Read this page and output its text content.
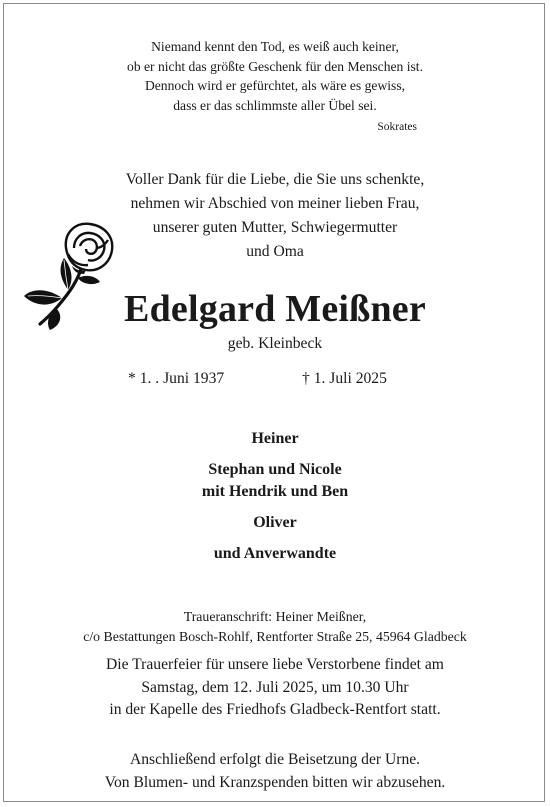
Niemand kennt den Tod, es weiß auch keiner,
ob er nicht das größte Geschenk für den Menschen ist.
Dennoch wird er gefürchtet, als wäre es gewiss,
dass er das schlimmste aller Übel sei.
Sokrates
Voller Dank für die Liebe, die Sie uns schenkte,
nehmen wir Abschied von meiner lieben Frau,
unserer guten Mutter, Schwiegermutter
und Oma
Edelgard Meißner
geb. Kleinbeck
* 1. . Juni 1937	† 1. Juli 2025
Heiner
Stephan und Nicole
mit Hendrik und Ben
Oliver
und Anverwandte
Traueranschrift: Heiner Meißner,
c/o Bestattungen Bosch-Rohlf, Rentforter Straße 25, 45964 Gladbeck
Die Trauerfeier für unsere liebe Verstorbene findet am
Samstag, dem 12. Juli 2025, um 10.30 Uhr
in der Kapelle des Friedhofs Gladbeck-Rentfort statt.
Anschließend erfolgt die Beisetzung der Urne.
Von Blumen- und Kranzspenden bitten wir abzusehen.
